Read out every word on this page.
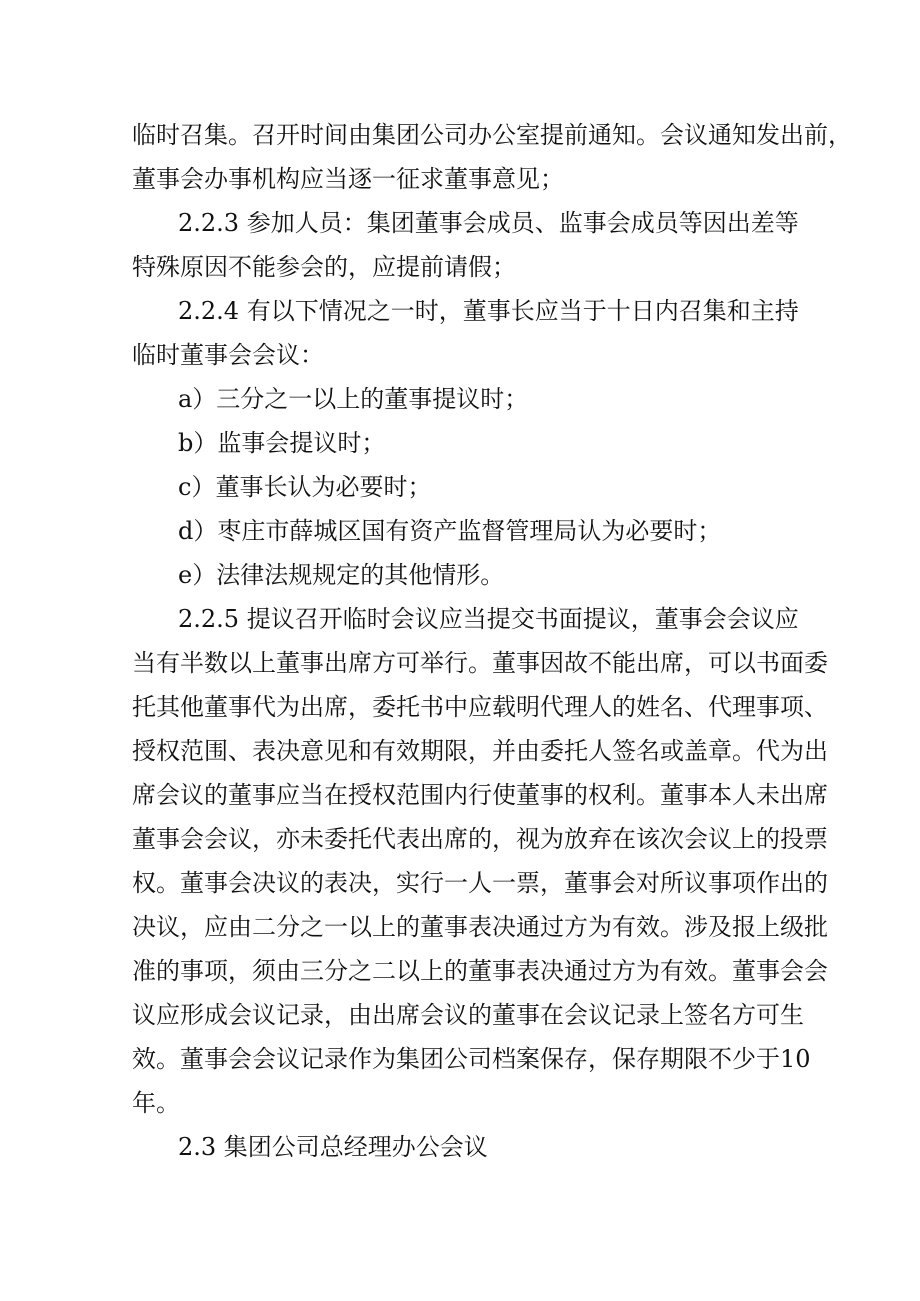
临时召集。召开时间由集团公司办公室提前通知。会议通知发出前，
董事会办事机构应当逐一征求董事意见；
2.2.3 参加人员：集团董事会成员、监事会成员等因出差等
特殊原因不能参会的，应提前请假；
2.2.4 有以下情况之一时，董事长应当于十日内召集和主持
临时董事会会议：
a）三分之一以上的董事提议时；
b）监事会提议时；
c）董事长认为必要时；
d）枣庄市薛城区国有资产监督管理局认为必要时；
e）法律法规规定的其他情形。
2.2.5 提议召开临时会议应当提交书面提议，董事会会议应
当有半数以上董事出席方可举行。董事因故不能出席，可以书面委
托其他董事代为出席，委托书中应载明代理人的姓名、代理事项、
授权范围、表决意见和有效期限，并由委托人签名或盖章。代为出
席会议的董事应当在授权范围内行使董事的权利。董事本人未出席
董事会会议，亦未委托代表出席的，视为放弃在该次会议上的投票
权。董事会决议的表决，实行一人一票，董事会对所议事项作出的
决议，应由二分之一以上的董事表决通过方为有效。涉及报上级批
准的事项，须由三分之二以上的董事表决通过方为有效。董事会会
议应形成会议记录，由出席会议的董事在会议记录上签名方可生
效。董事会会议记录作为集团公司档案保存，保存期限不少于10
年。
2.3 集团公司总经理办公会议
